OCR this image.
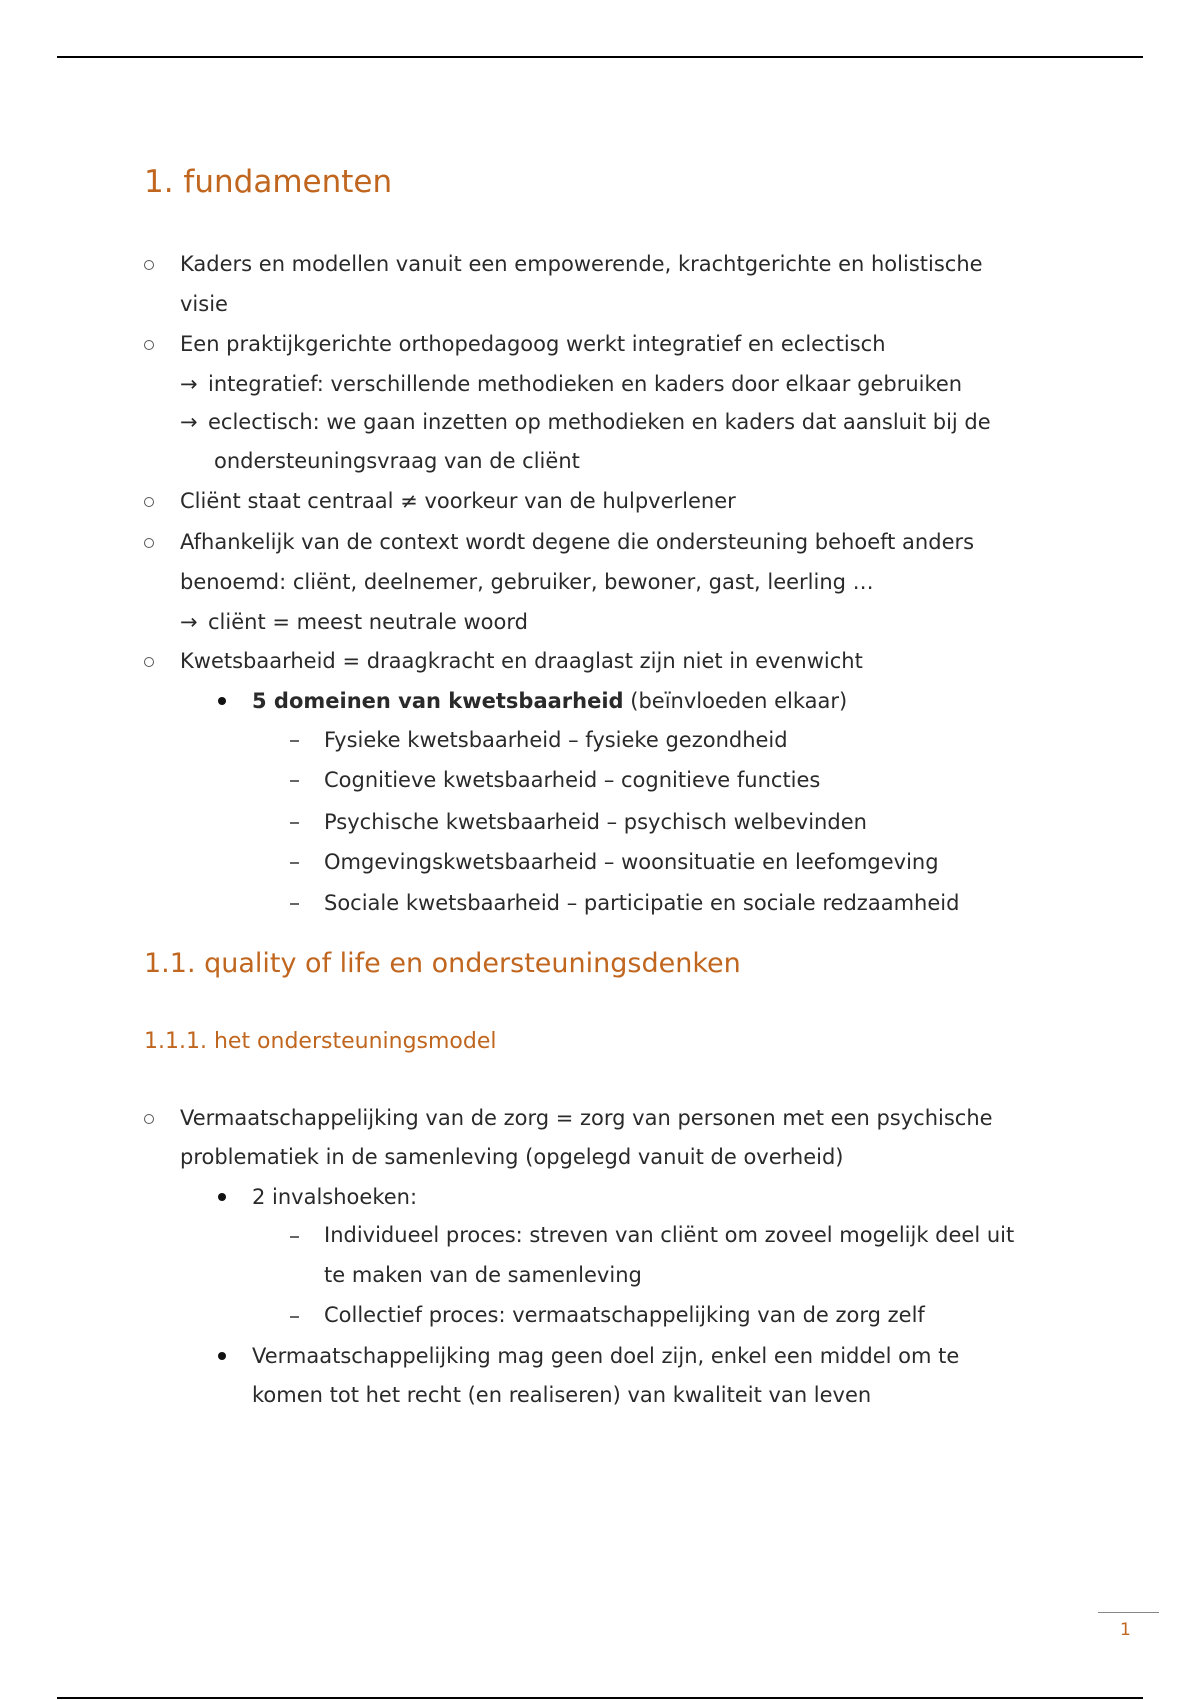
1. fundamenten
Kaders en modellen vanuit een empowerende, krachtgerichte en holistische
visie
Een praktijkgerichte orthopedagoog werkt integratief en eclectisch
→ integratief: verschillende methodieken en kaders door elkaar gebruiken
→ eclectisch: we gaan inzetten op methodieken en kaders dat aansluit bij de
ondersteuningsvraag van de cliënt
Cliënt staat centraal ≠ voorkeur van de hulpverlener
Afhankelijk van de context wordt degene die ondersteuning behoeft anders
benoemd: cliënt, deelnemer, gebruiker, bewoner, gast, leerling …
→ cliënt = meest neutrale woord
Kwetsbaarheid = draagkracht en draaglast zijn niet in evenwicht
5 domeinen van kwetsbaarheid (beïnvloeden elkaar)
Fysieke kwetsbaarheid – fysieke gezondheid
Cognitieve kwetsbaarheid – cognitieve functies
Psychische kwetsbaarheid – psychisch welbevinden
Omgevingskwetsbaarheid – woonsituatie en leefomgeving
Sociale kwetsbaarheid – participatie en sociale redzaamheid
1.1. quality of life en ondersteuningsdenken
1.1.1. het ondersteuningsmodel
Vermaatschappelijking van de zorg = zorg van personen met een psychische
problematiek in de samenleving (opgelegd vanuit de overheid)
2 invalshoeken:
Individueel proces: streven van cliënt om zoveel mogelijk deel uit
te maken van de samenleving
Collectief proces: vermaatschappelijking van de zorg zelf
Vermaatschappelijking mag geen doel zijn, enkel een middel om te
komen tot het recht (en realiseren) van kwaliteit van leven
1
